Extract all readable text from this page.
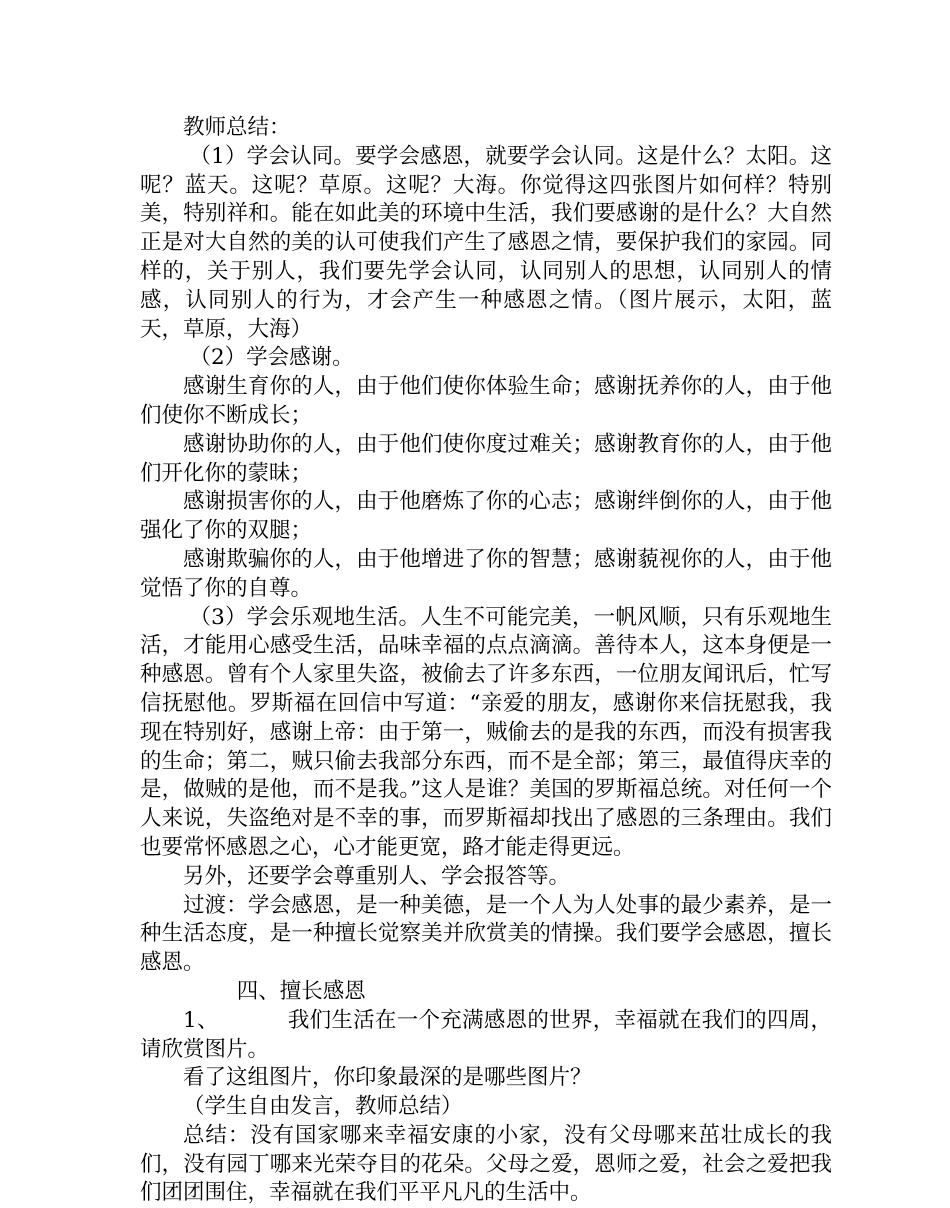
教师总结：

（1）学会认同。要学会感恩，就要学会认同。这是什么？太阳。这呢？蓝天。这呢？草原。这呢？大海。你觉得这四张图片如何样？特别美，特别祥和。能在如此美的环境中生活，我们要感谢的是什么？大自然正是对大自然的美的认可使我们产生了感恩之情，要保护我们的家园。同样的，关于别人，我们要先学会认同，认同别人的思想，认同别人的情感，认同别人的行为，才会产生一种感恩之情。（图片展示，太阳，蓝天，草原，大海）

（2）学会感谢。

感谢生育你的人，由于他们使你体验生命；感谢抚养你的人，由于他们使你不断成长；

感谢协助你的人，由于他们使你度过难关；感谢教育你的人，由于他们开化你的蒙昧；

感谢损害你的人，由于他磨炼了你的心志；感谢绊倒你的人，由于他强化了你的双腿；

感谢欺骗你的人，由于他增进了你的智慧；感谢藐视你的人，由于他觉悟了你的自尊。

（3）学会乐观地生活。人生不可能完美，一帆风顺，只有乐观地生活，才能用心感受生活，品味幸福的点点滴滴。善待本人，这本身便是一种感恩。曾有个人家里失盗，被偷去了许多东西，一位朋友闻讯后，忙写信抚慰他。罗斯福在回信中写道：“亲爱的朋友，感谢你来信抚慰我，我现在特别好，感谢上帝：由于第一，贼偷去的是我的东西，而没有损害我的生命；第二，贼只偷去我部分东西，而不是全部；第三，最值得庆幸的是，做贼的是他，而不是我。”这人是谁？美国的罗斯福总统。对任何一个人来说，失盗绝对是不幸的事，而罗斯福却找出了感恩的三条理由。我们也要常怀感恩之心，心才能更宽，路才能走得更远。

另外，还要学会尊重别人、学会报答等。

过渡：学会感恩，是一种美德，是一个人为人处事的最少素养，是一种生活态度，是一种擅长觉察美并欣赏美的情操。我们要学会感恩，擅长感恩。

四、擅长感恩

1、	我们生活在一个充满感恩的世界，幸福就在我们的四周，请欣赏图片。

看了这组图片，你印象最深的是哪些图片？

（学生自由发言，教师总结）

总结：没有国家哪来幸福安康的小家，没有父母哪来茁壮成长的我们，没有园丁哪来光荣夺目的花朵。父母之爱，恩师之爱，社会之爱把我们团团围住，幸福就在我们平平凡凡的生活中。
